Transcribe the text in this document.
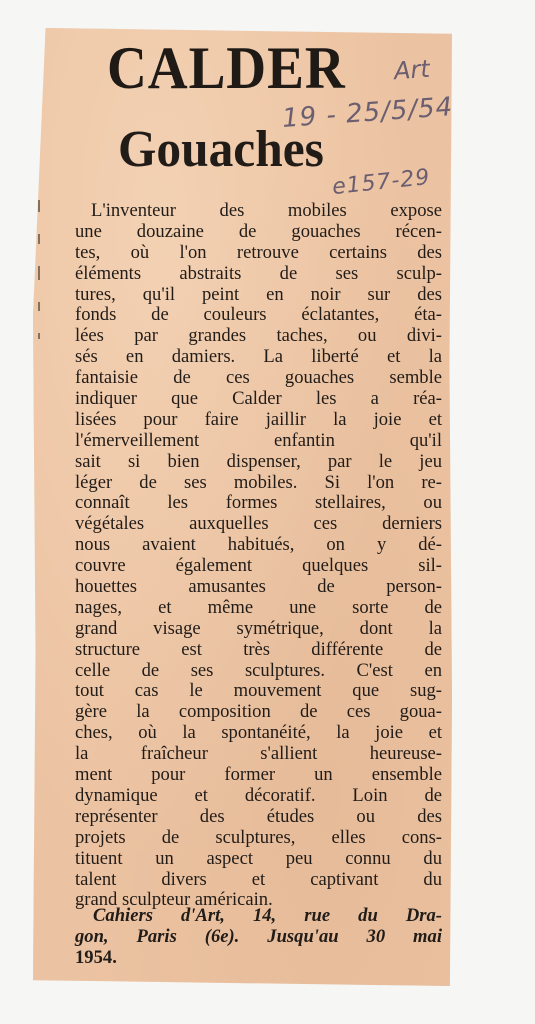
CALDER
Gouaches
Art
19 - 25/5/54
e157-29
L'inventeur des mobiles expose
une douzaine de gouaches récen-
tes, où l'on retrouve certains des
éléments abstraits de ses sculp-
tures, qu'il peint en noir sur des
fonds de couleurs éclatantes, éta-
lées par grandes taches, ou divi-
sés en damiers. La liberté et la
fantaisie de ces gouaches semble
indiquer que Calder les a réa-
lisées pour faire jaillir la joie et
l'émerveillement enfantin qu'il
sait si bien dispenser, par le jeu
léger de ses mobiles. Si l'on re-
connaît les formes stellaires, ou
végétales auxquelles ces derniers
nous avaient habitués, on y dé-
couvre également quelques sil-
houettes amusantes de person-
nages, et même une sorte de
grand visage symétrique, dont la
structure est très différente de
celle de ses sculptures. C'est en
tout cas le mouvement que sug-
gère la composition de ces goua-
ches, où la spontanéité, la joie et
la fraîcheur s'allient heureuse-
ment pour former un ensemble
dynamique et décoratif. Loin de
représenter des études ou des
projets de sculptures, elles cons-
tituent un aspect peu connu du
talent divers et captivant du
grand sculpteur américain.
Cahiers d'Art, 14, rue du Dra-
gon, Paris (6e). Jusqu'au 30 mai
1954.
